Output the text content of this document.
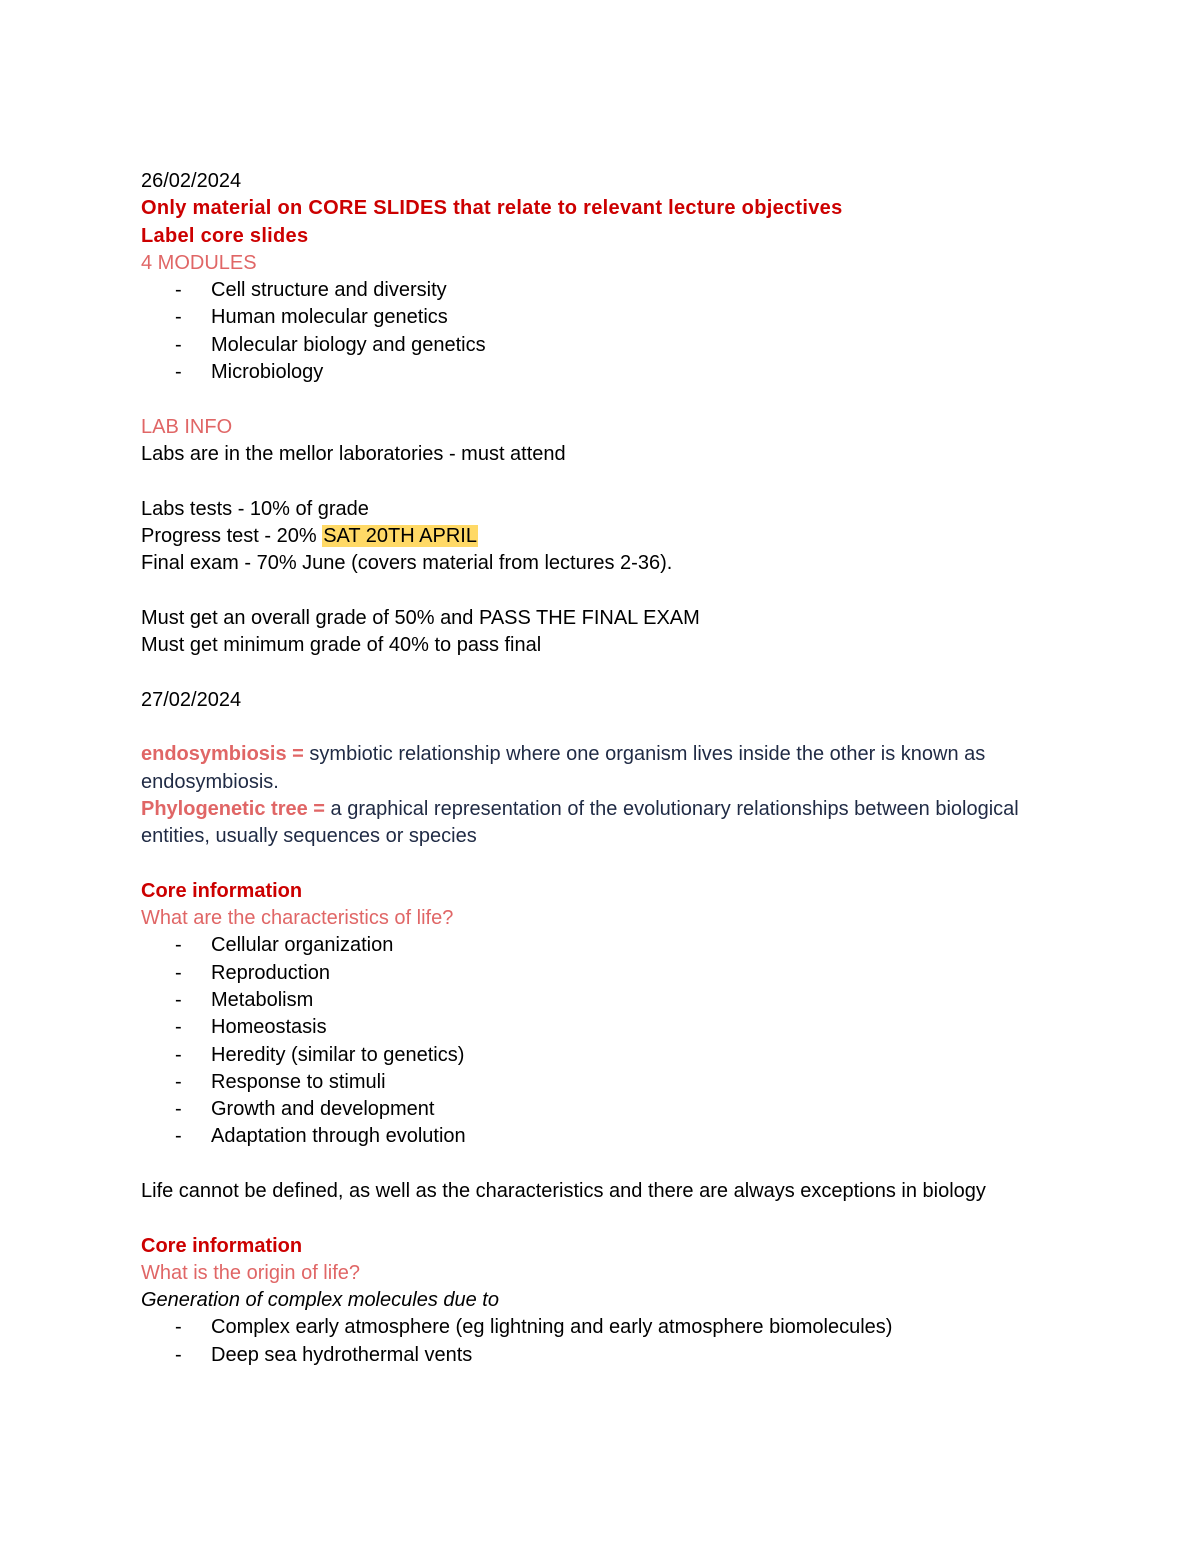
26/02/2024
Only material on CORE SLIDES that relate to relevant lecture objectives
Label core slides
4 MODULES
- Cell structure and diversity
- Human molecular genetics
- Molecular biology and genetics
- Microbiology
LAB INFO
Labs are in the mellor laboratories - must attend
Labs tests - 10% of grade
Progress test - 20% SAT 20TH APRIL
Final exam - 70% June (covers material from lectures 2-36).
Must get an overall grade of 50% and PASS THE FINAL EXAM
Must get minimum grade of 40% to pass final
27/02/2024
endosymbiosis = symbiotic relationship where one organism lives inside the other is known as endosymbiosis.
Phylogenetic tree = a graphical representation of the evolutionary relationships between biological entities, usually sequences or species
Core information
What are the characteristics of life?
- Cellular organization
- Reproduction
- Metabolism
- Homeostasis
- Heredity (similar to genetics)
- Response to stimuli
- Growth and development
- Adaptation through evolution
Life cannot be defined, as well as the characteristics and there are always exceptions in biology
Core information
What is the origin of life?
Generation of complex molecules due to
- Complex early atmosphere (eg lightning and early atmosphere biomolecules)
- Deep sea hydrothermal vents
